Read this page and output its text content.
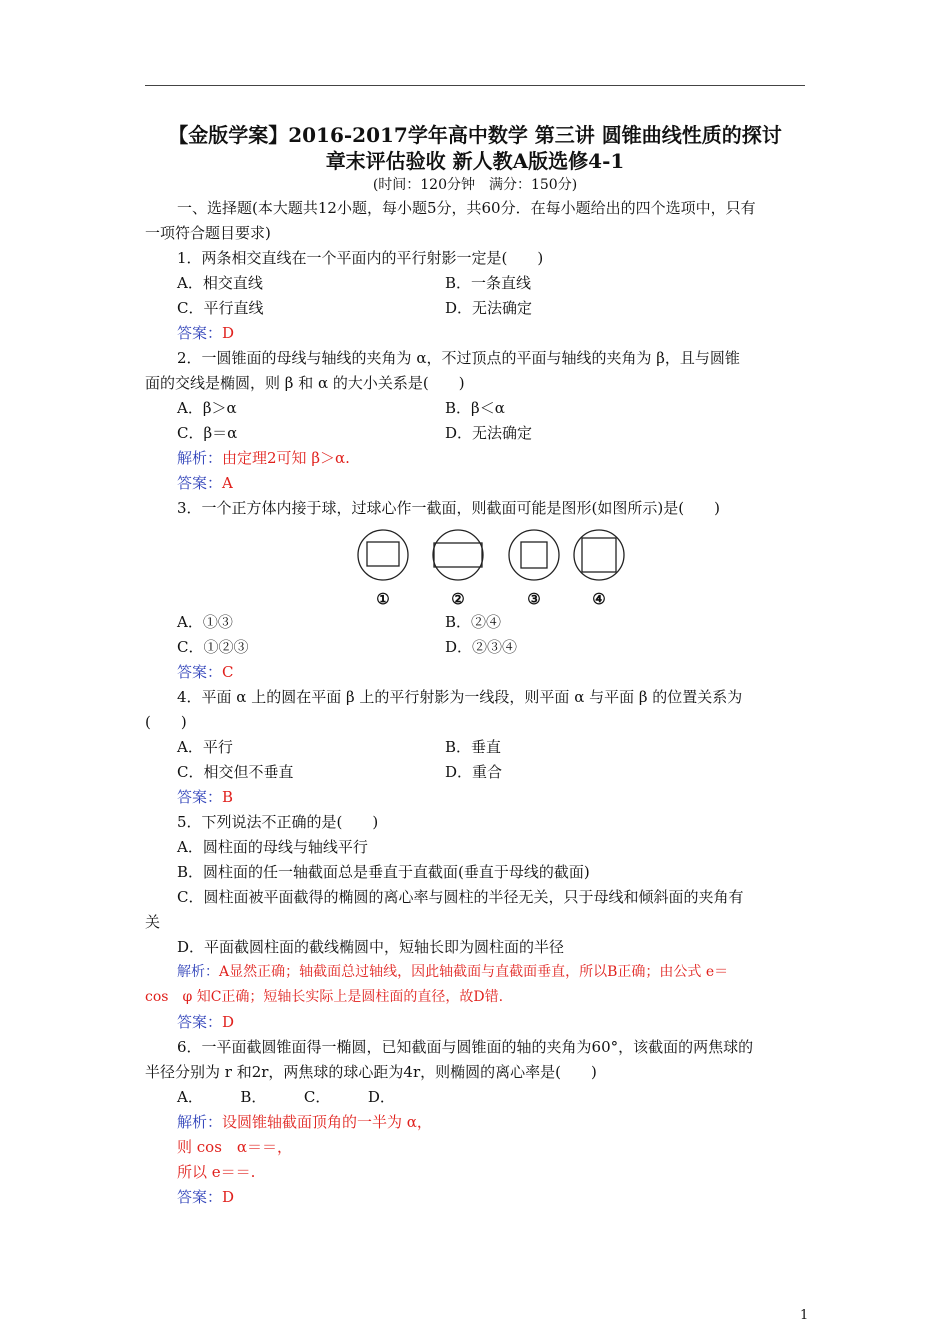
【金版学案】2016-2017学年高中数学 第三讲 圆锥曲线性质的探讨
章末评估验收 新人教A版选修4-1
(时间：120分钟　满分：150分)
一、选择题(本大题共12小题，每小题5分，共60分．在每小题给出的四个选项中，只有
一项符合题目要求)
1．两条相交直线在一个平面内的平行射影一定是(　　)
A．相交直线	B．一条直线
C．平行直线	D．无法确定
答案：D
2．一圆锥面的母线与轴线的夹角为 α，不过顶点的平面与轴线的夹角为 β，且与圆锥
面的交线是椭圆，则 β 和 α 的大小关系是(　　)
A．β＞α	B．β＜α
C．β＝α	D．无法确定
解析：由定理2可知 β＞α.
答案：A
3．一个正方体内接于球，过球心作一截面，则截面可能是图形(如图所示)是(　　)
①	②	③	④
A．①③	B．②④
C．①②③	D．②③④
答案：C
4．平面 α 上的圆在平面 β 上的平行射影为一线段，则平面 α 与平面 β 的位置关系为
(　　)
A．平行	B．垂直
C．相交但不垂直	D．重合
答案：B
5．下列说法不正确的是(　　)
A．圆柱面的母线与轴线平行
B．圆柱面的任一轴截面总是垂直于直截面(垂直于母线的截面)
C．圆柱面被平面截得的椭圆的离心率与圆柱的半径无关，只于母线和倾斜面的夹角有
关
D．平面截圆柱面的截线椭圆中，短轴长即为圆柱面的半径
解析：A显然正确；轴截面总过轴线，因此轴截面与直截面垂直，所以B正确；由公式 e＝
cos　φ 知C正确；短轴长实际上是圆柱面的直径，故D错.
答案：D
6．一平面截圆锥面得一椭圆，已知截面与圆锥面的轴的夹角为60°，该截面的两焦球的
半径分别为 r 和2r，两焦球的球心距为4r，则椭圆的离心率是(　　)
A．　　　B．　　　C．　　　D．
解析：设圆锥轴截面顶角的一半为 α，
则 cos　α＝＝，
所以 e＝＝.
答案：D
1
